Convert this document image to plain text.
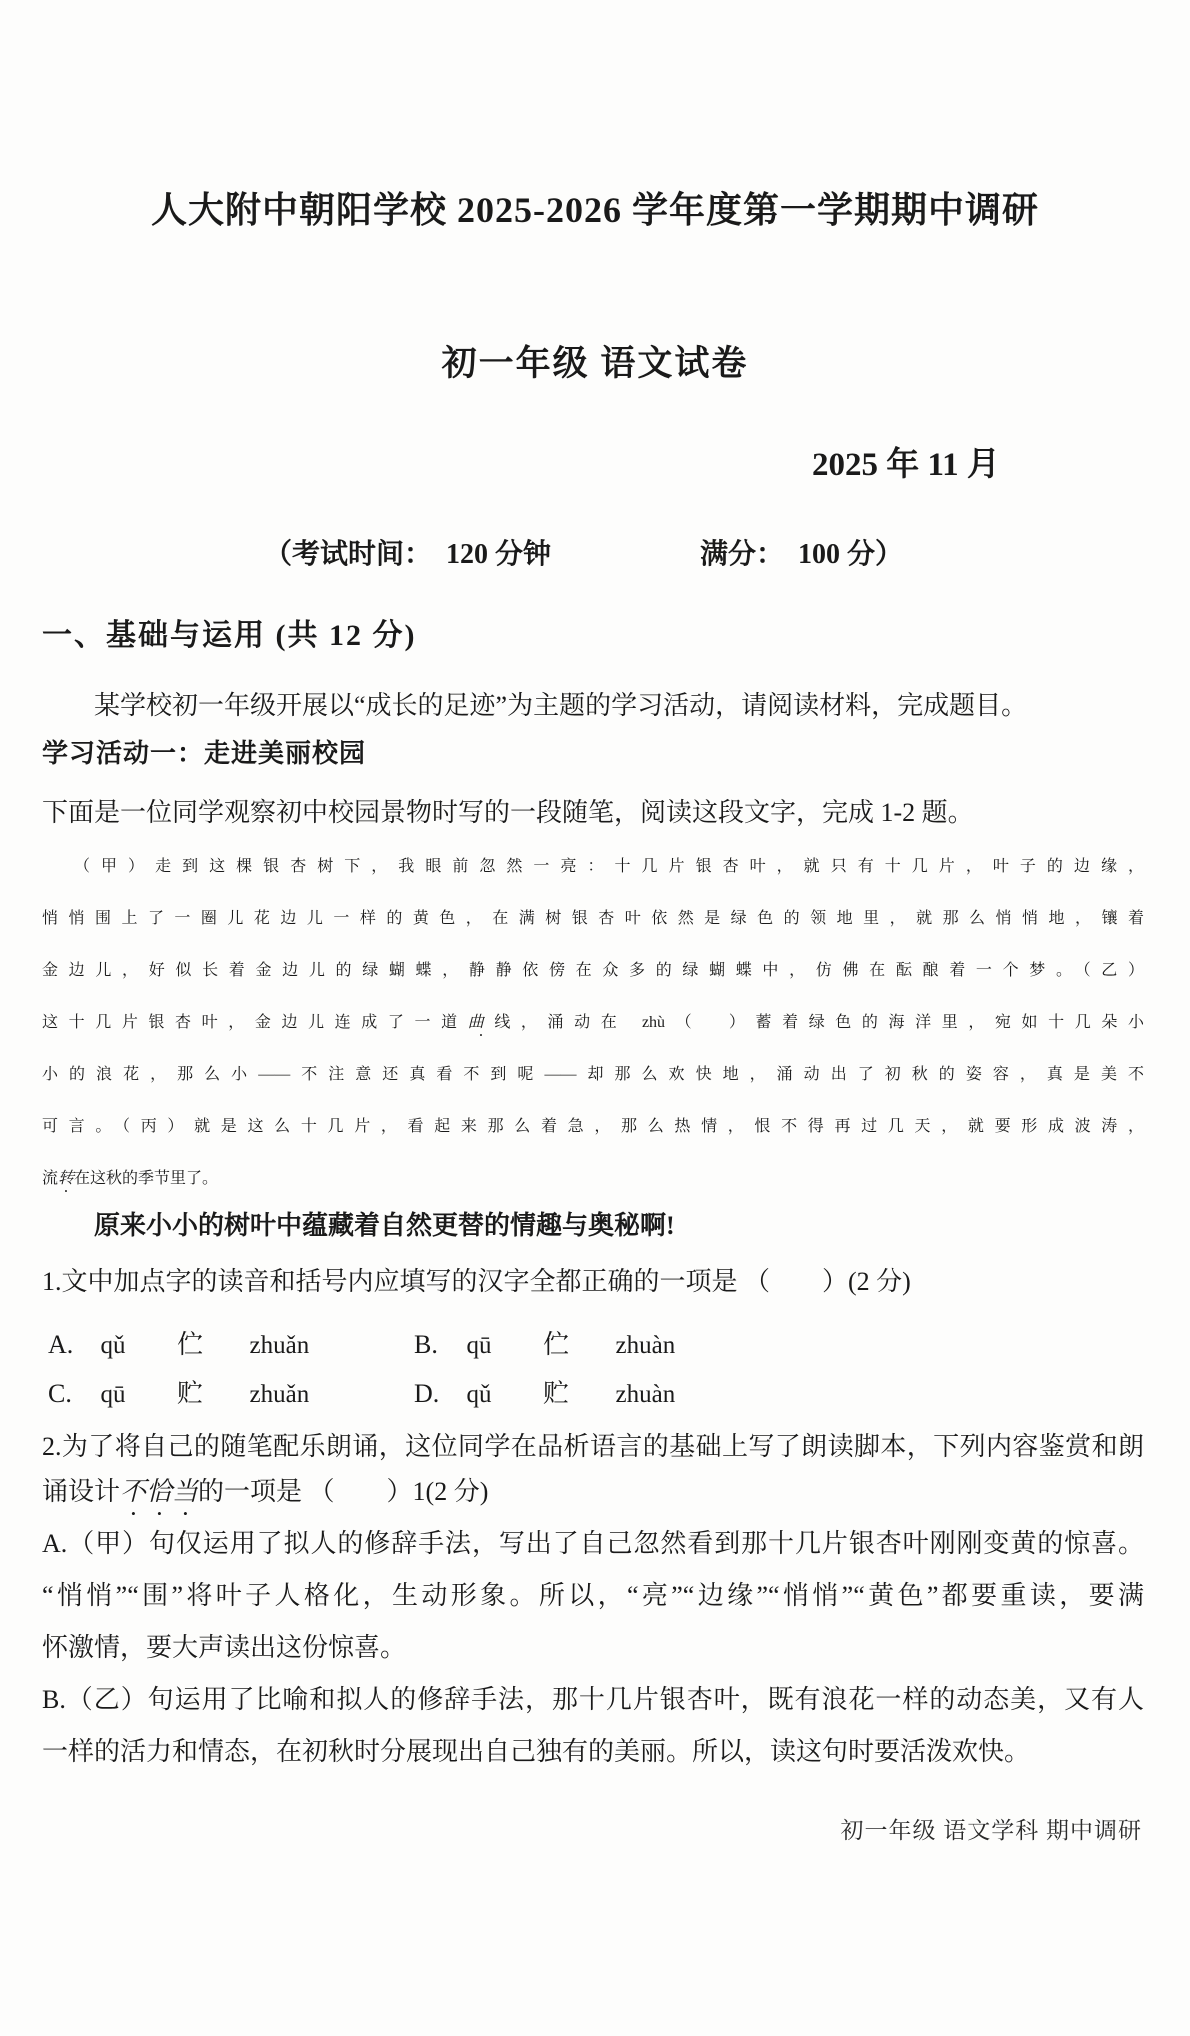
人大附中朝阳学校 2025-2026 学年度第一学期期中调研
初一年级 语文试卷
2025 年 11 月
（考试时间：　120 分钟	满分：　100 分）
一、基础与运用 (共 12 分)
某学校初一年级开展以“成长的足迹”为主题的学习活动，请阅读材料，完成题目。
学习活动一：走进美丽校园
下面是一位同学观察初中校园景物时写的一段随笔，阅读这段文字，完成 1-2 题。
（甲）走到这棵银杏树下，我眼前忽然一亮：十几片银杏叶，就只有十几片，叶子的边缘，
悄悄围上了一圈儿花边儿一样的黄色，在满树银杏叶依然是绿色的领地里，就那么悄悄地，镶着
金边儿，好似长着金边儿的绿蝴蝶，静静依傍在众多的绿蝴蝶中，仿佛在酝酿着一个梦。（乙）
这十几片银杏叶，金边儿连成了一道曲线，涌动在 zhù（　）蓄着绿色的海洋里，宛如十几朵小
小的浪花，那么小——不注意还真看不到呢——却那么欢快地，涌动出了初秋的姿容，真是美不
可言。（丙）就是这么十几片，看起来那么着急，那么热情，恨不得再过几天，就要形成波涛，
流转在这秋的季节里了。
原来小小的树叶中蕴藏着自然更替的情趣与奥秘啊!
1.文中加点字的读音和括号内应填写的汉字全都正确的一项是 （　　）(2 分)
A. qǔ 伫 zhuǎn	B. qū 伫 zhuàn
C. qū 贮 zhuǎn	D. qǔ 贮 zhuàn
2.为了将自己的随笔配乐朗诵，这位同学在品析语言的基础上写了朗读脚本，下列内容鉴赏和朗
诵设计不恰当的一项是 （　　）1(2 分)
A.（甲）句仅运用了拟人的修辞手法，写出了自己忽然看到那十几片银杏叶刚刚变黄的惊喜。
“悄悄”“围”将叶子人格化，生动形象。所以，“亮”“边缘”“悄悄”“黄色”都要重读，要满
怀激情，要大声读出这份惊喜。
B.（乙）句运用了比喻和拟人的修辞手法，那十几片银杏叶，既有浪花一样的动态美，又有人
一样的活力和情态，在初秋时分展现出自己独有的美丽。所以，读这句时要活泼欢快。
初一年级 语文学科 期中调研
